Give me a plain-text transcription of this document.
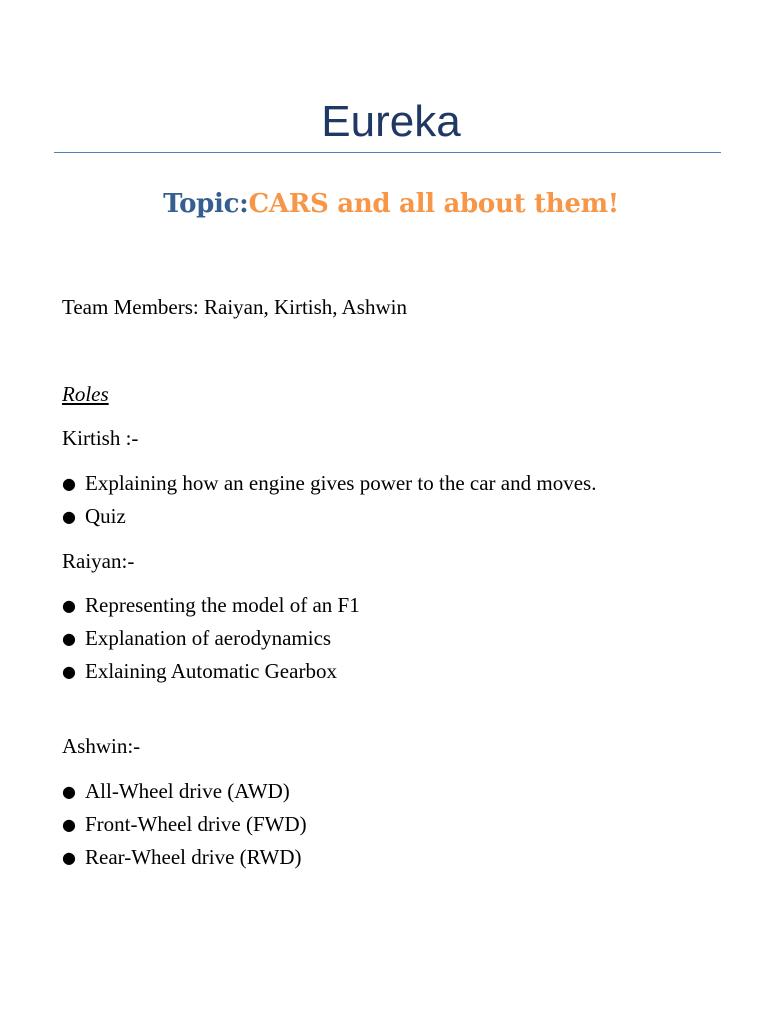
Eureka
Topic:CARS and all about them!
Team Members: Raiyan, Kirtish, Ashwin
Roles
Kirtish :-
● Explaining how an engine gives power to the car and moves.
● Quiz
Raiyan:-
● Representing the model of an F1
● Explanation of aerodynamics
● Exlaining Automatic Gearbox
Ashwin:-
● All-Wheel drive (AWD)
● Front-Wheel drive (FWD)
● Rear-Wheel drive (RWD)
